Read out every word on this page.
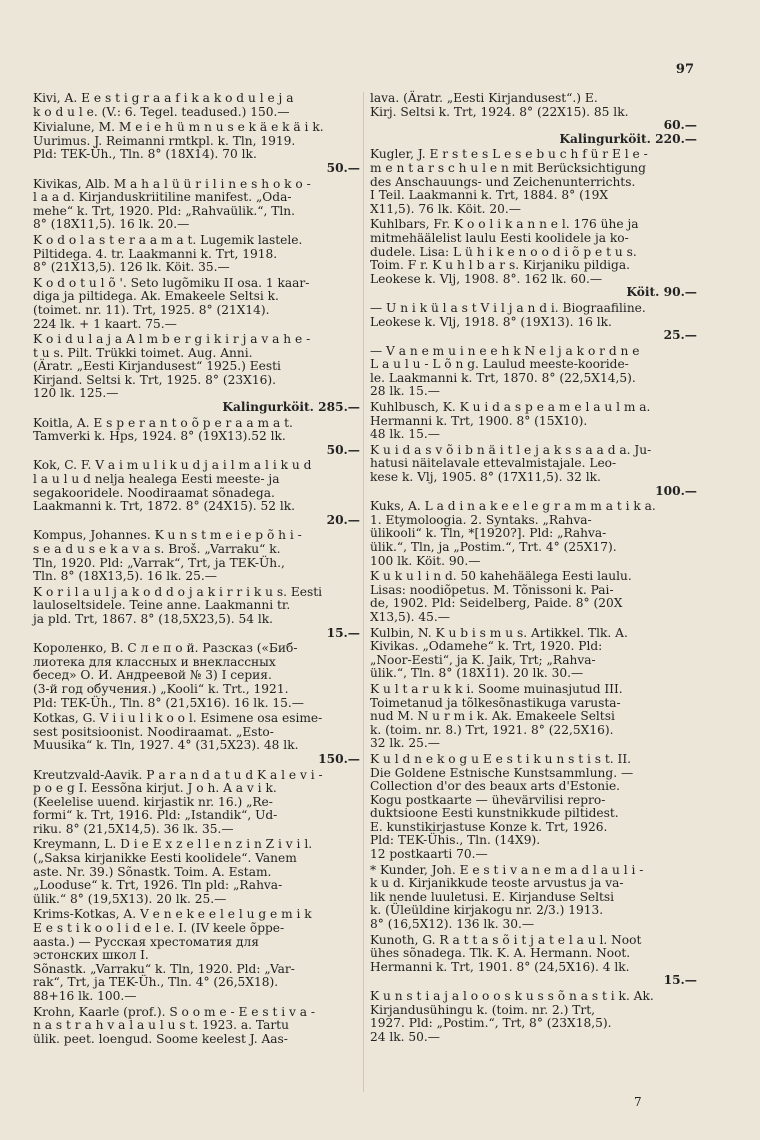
97

Kivi, A. E e s t i g r a a f i k a k o d u l e j a

k o d u l e. (V.: 6. Tegel. teadused.) 150.—

Kivialune, M. M e i e h ü m n u s e k ä e k ä i k.

Uurimus. J. Reimanni rmtkpl. k. Tln, 1919.

Pld: TEK-Üh., Tln. 8° (18X14). 70 lk.

50.—

Kivikas, Alb. M a h a l ü ü r i l i n e s h o k o -

l a a d. Kirjanduskriitiline manifest. „Oda-

mehe“ k. Trt, 1920. Pld: „Rahvaülik.“, Tln.

8° (18X11,5). 16 lk. 20.—

K o d o l a s t e r a a m a t. Lugemik lastele.

Piltidega. 4. tr. Laakmanni k. Trt, 1918.

8° (21X13,5). 126 lk. Köit. 35.—

K o d o t u l õ '. Seto lugõmiku II osa. 1 kaar-

diga ja piltidega. Ak. Emakeele Seltsi k.

(toimet. nr. 11). Trt, 1925. 8° (21X14).

224 lk. + 1 kaart. 75.—

K o i d u l a j a A l m b e r g i k i r j a v a h e -

t u s. Pilt. Trükki toimet. Aug. Anni.

(Äratr. „Eesti Kirjandusest“ 1925.) Eesti

Kirjand. Seltsi k. Trt, 1925. 8° (23X16).

120 lk. 125.—

Kalingurköit. 285.—

Koitla, A. E s p e r a n t o õ p e r a a m a t.

Tamverki k. Hps, 1924. 8° (19X13).52 lk.

50.—

Kok, C. F. V a i m u l i k u d j a i l m a l i k u d

l a u l u d nelja healega Eesti meeste- ja

segakooridele. Noodiraamat sõnadega.

Laakmanni k. Trt, 1872. 8° (24X15). 52 lk.

20.—

Kompus, Johannes. K u n s t m e i e p õ h i -

s e a d u s e k a v a s. Broš. „Varraku“ k.

Tln, 1920. Pld: „Varrak“, Trt, ja TEK-Üh.,

Tln. 8° (18X13,5). 16 lk. 25.—

K o r i l a u l j a k o d d o j a k i r r i k u s. Eesti

lauloseltsidele. Teine anne. Laakmanni tr.

ja pld. Trt, 1867. 8° (18,5X23,5). 54 lk.

15.—

Короленко, В. С л е п о й. Разсказ («Биб-

лиотека для классных и внеклассных

бесед» О. И. Андреевой № 3) I серия.

(3-й год обучения.) „Kooli“ k. Trt., 1921.

Pld: TEK-Üh., Tln. 8° (21,5X16). 16 lk. 15.—

Kotkas, G. V i i u l i k o o l. Esimene osa esime-

sest positsioonist. Noodiraamat. „Esto-

Muusika“ k. Tln, 1927. 4° (31,5X23). 48 lk.

150.—

Kreutzvald-Aavik. P a r a n d a t u d K a l e v i -

p o e g I. Eessõna kirjut. J o h. A a v i k.

(Keelelise uuend. kirjastik nr. 16.) „Re-

formi“ k. Trt, 1916. Pld: „Istandik“, Ud-

riku. 8° (21,5X14,5). 36 lk. 35.—

Kreymann, L. D i e E x z e l l e n z i n Z i v i l.

(„Saksa kirjanikke Eesti koolidele“. Vanem

aste. Nr. 39.) Sõnastk. Toim. A. Estam.

„Looduse“ k. Trt, 1926. Tln pld: „Rahva-

ülik.“ 8° (19,5X13). 20 lk. 25.—

Krims-Kotkas, A. V e n e k e e l e l u g e m i k

E e s t i k o o l i d e l e. I. (IV keele õppe-

aasta.) — Русская хрестоматия для

эстонских школ I.

Sõnastk. „Varraku“ k. Tln, 1920. Pld: „Var-

rak“, Trt, ja TEK-Üh., Tln. 4° (26,5X18).

88+16 lk. 100.—

Krohn, Kaarle (prof.). S o o m e - E e s t i v a -

n a s t r a h v a l a u l u s t. 1923. a. Tartu

ülik. peet. loengud. Soome keelest J. Aas-

lava. (Äratr. „Eesti Kirjandusest“.) E.

Kirj. Seltsi k. Trt, 1924. 8° (22X15). 85 lk.

60.—

Kalingurköit. 220.—

Kugler, J. E r s t e s L e s e b u c h f ü r E l e -

m e n t a r s c h u l e n mit Berücksichtigung

des Anschauungs- und Zeichenunterrichts.

I Teil. Laakmanni k. Trt, 1884. 8° (19X

X11,5). 76 lk. Köit. 20.—

Kuhlbars, Fr. K o o l i k a n n e l. 176 ühe ja

mitmehäälelist laulu Eesti koolidele ja ko-

dudele. Lisa: L ü h i k e n o o d i õ p e t u s.

Toim. F r. K u h l b a r s. Kirjaniku pildiga.

Leokese k. Vlj, 1908. 8°. 162 lk. 60.—

Köit. 90.—

— U n i k ü l a s t V i l j a n d i. Biograafiline.

Leokese k. Vlj, 1918. 8° (19X13). 16 lk.

25.—

— V a n e m u i n e e h k N e l j a k o r d n e

L a u l u - L õ n g. Laulud meeste-kooride-

le. Laakmanni k. Trt, 1870. 8° (22,5X14,5).

28 lk. 15.—

Kuhlbusch, K. K u i d a s p e a m e l a u l m a.

Hermanni k. Trt, 1900. 8° (15X10).

48 lk. 15.—

K u i d a s v õ i b n ä i t l e j a k s s a a d a. Ju-

hatusi näitelavale ettevalmistajale. Leo-

kese k. Vlj, 1905. 8° (17X11,5). 32 lk.

100.—

Kuks, A. L a d i n a k e e l e g r a m m a t i k a.

1. Etymoloogia. 2. Syntaks. „Rahva-

ülikooli“ k. Tln, *[1920?]. Pld: „Rahva-

ülik.“, Tln, ja „Postim.“, Trt. 4° (25X17).

100 lk. Köit. 90.—

K u k u l i n d. 50 kahehäälega Eesti laulu.

Lisas: noodiõpetus. M. Tõnissoni k. Pai-

de, 1902. Pld: Seidelberg, Paide. 8° (20X

X13,5). 45.—

Kulbin, N. K u b i s m u s. Artikkel. Tlk. A.

Kivikas. „Odamehe“ k. Trt, 1920. Pld:

„Noor-Eesti“, ja K. Jaik, Trt; „Rahva-

ülik.“, Tln. 8° (18X11). 20 lk. 30.—

K u l t a r u k k i. Soome muinasjutud III.

Toimetanud ja tõlkesõnastikuga varusta-

nud M. N u r m i k. Ak. Emakeele Seltsi

k. (toim. nr. 8.) Trt, 1921. 8° (22,5X16).

32 lk. 25.—

K u l d n e k o g u E e s t i k u n s t i s t. II.

Die Goldene Estnische Kunstsammlung. —

Collection d'or des beaux arts d'Estonie.

Kogu postkaarte — ühevärvilisi repro-

duktsioone Eesti kunstnikkude piltidest.

E. kunstikirjastuse Konze k. Trt, 1926.

Pld: TEK-Ühis., Tln. (14X9).

12 postkaarti 70.—

* Kunder, Joh. E e s t i v a n e m a d l a u l i -

k u d. Kirjanikkude teoste arvustus ja va-

lik nende luuletusi. E. Kirjanduse Seltsi

k. (Üleüldine kirjakogu nr. 2/3.) 1913.

8° (16,5X12). 136 lk. 30.—

Kunoth, G. R a t t a s õ i t j a t e l a u l. Noot

ühes sõnadega. Tlk. K. A. Hermann. Noot.

Hermanni k. Trt, 1901. 8° (24,5X16). 4 lk.

15.—

K u n s t i a j a l o o o s k u s s õ n a s t i k. Ak.

Kirjandusühingu k. (toim. nr. 2.) Trt,

1927. Pld: „Postim.“, Trt, 8° (23X18,5).

24 lk. 50.—

7
